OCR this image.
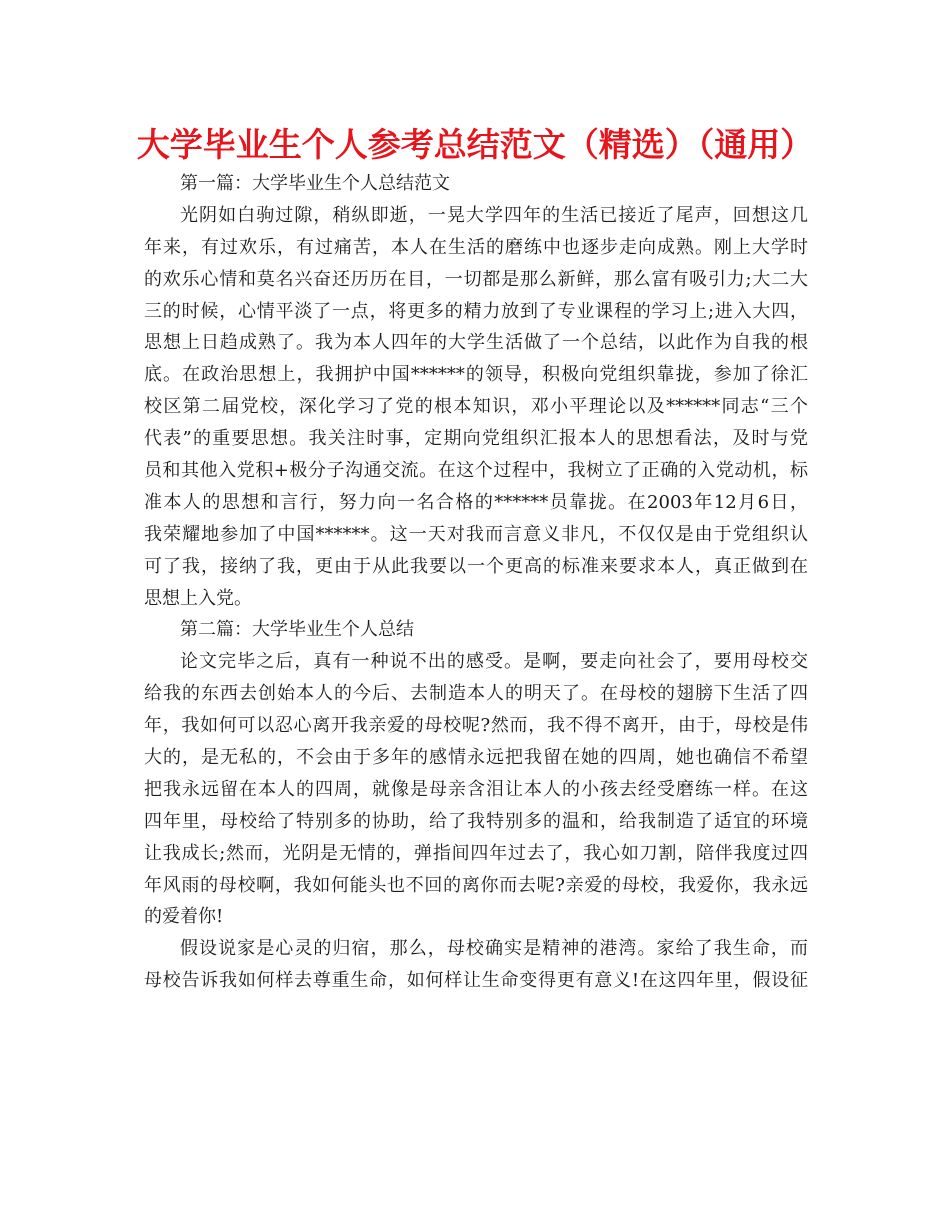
大学毕业生个人参考总结范文（精选）（通用）
第一篇：大学毕业生个人总结范文
光阴如白驹过隙，稍纵即逝，一晃大学四年的生活已接近了尾声，回想这几
年来，有过欢乐，有过痛苦，本人在生活的磨练中也逐步走向成熟。刚上大学时
的欢乐心情和莫名兴奋还历历在目，一切都是那么新鲜，那么富有吸引力;大二大
三的时候，心情平淡了一点，将更多的精力放到了专业课程的学习上;进入大四，
思想上日趋成熟了。我为本人四年的大学生活做了一个总结，以此作为自我的根
底。在政治思想上，我拥护中国******的领导，积极向党组织靠拢，参加了徐汇
校区第二届党校，深化学习了党的根本知识，邓小平理论以及******同志“三个
代表”的重要思想。我关注时事，定期向党组织汇报本人的思想看法，及时与党
员和其他入党积+极分子沟通交流。在这个过程中，我树立了正确的入党动机，标
准本人的思想和言行，努力向一名合格的******员靠拢。在2003年12月6日，
我荣耀地参加了中国******。这一天对我而言意义非凡，不仅仅是由于党组织认
可了我，接纳了我，更由于从此我要以一个更高的标准来要求本人，真正做到在
思想上入党。
第二篇：大学毕业生个人总结
论文完毕之后，真有一种说不出的感受。是啊，要走向社会了，要用母校交
给我的东西去创始本人的今后、去制造本人的明天了。在母校的翅膀下生活了四
年，我如何可以忍心离开我亲爱的母校呢?然而，我不得不离开，由于，母校是伟
大的，是无私的，不会由于多年的感情永远把我留在她的四周，她也确信不希望
把我永远留在本人的四周，就像是母亲含泪让本人的小孩去经受磨练一样。在这
四年里，母校给了特别多的协助，给了我特别多的温和，给我制造了适宜的环境
让我成长;然而，光阴是无情的，弹指间四年过去了，我心如刀割，陪伴我度过四
年风雨的母校啊，我如何能头也不回的离你而去呢?亲爱的母校，我爱你，我永远
的爱着你!
假设说家是心灵的归宿，那么，母校确实是精神的港湾。家给了我生命，而
母校告诉我如何样去尊重生命，如何样让生命变得更有意义!在这四年里，假设征
